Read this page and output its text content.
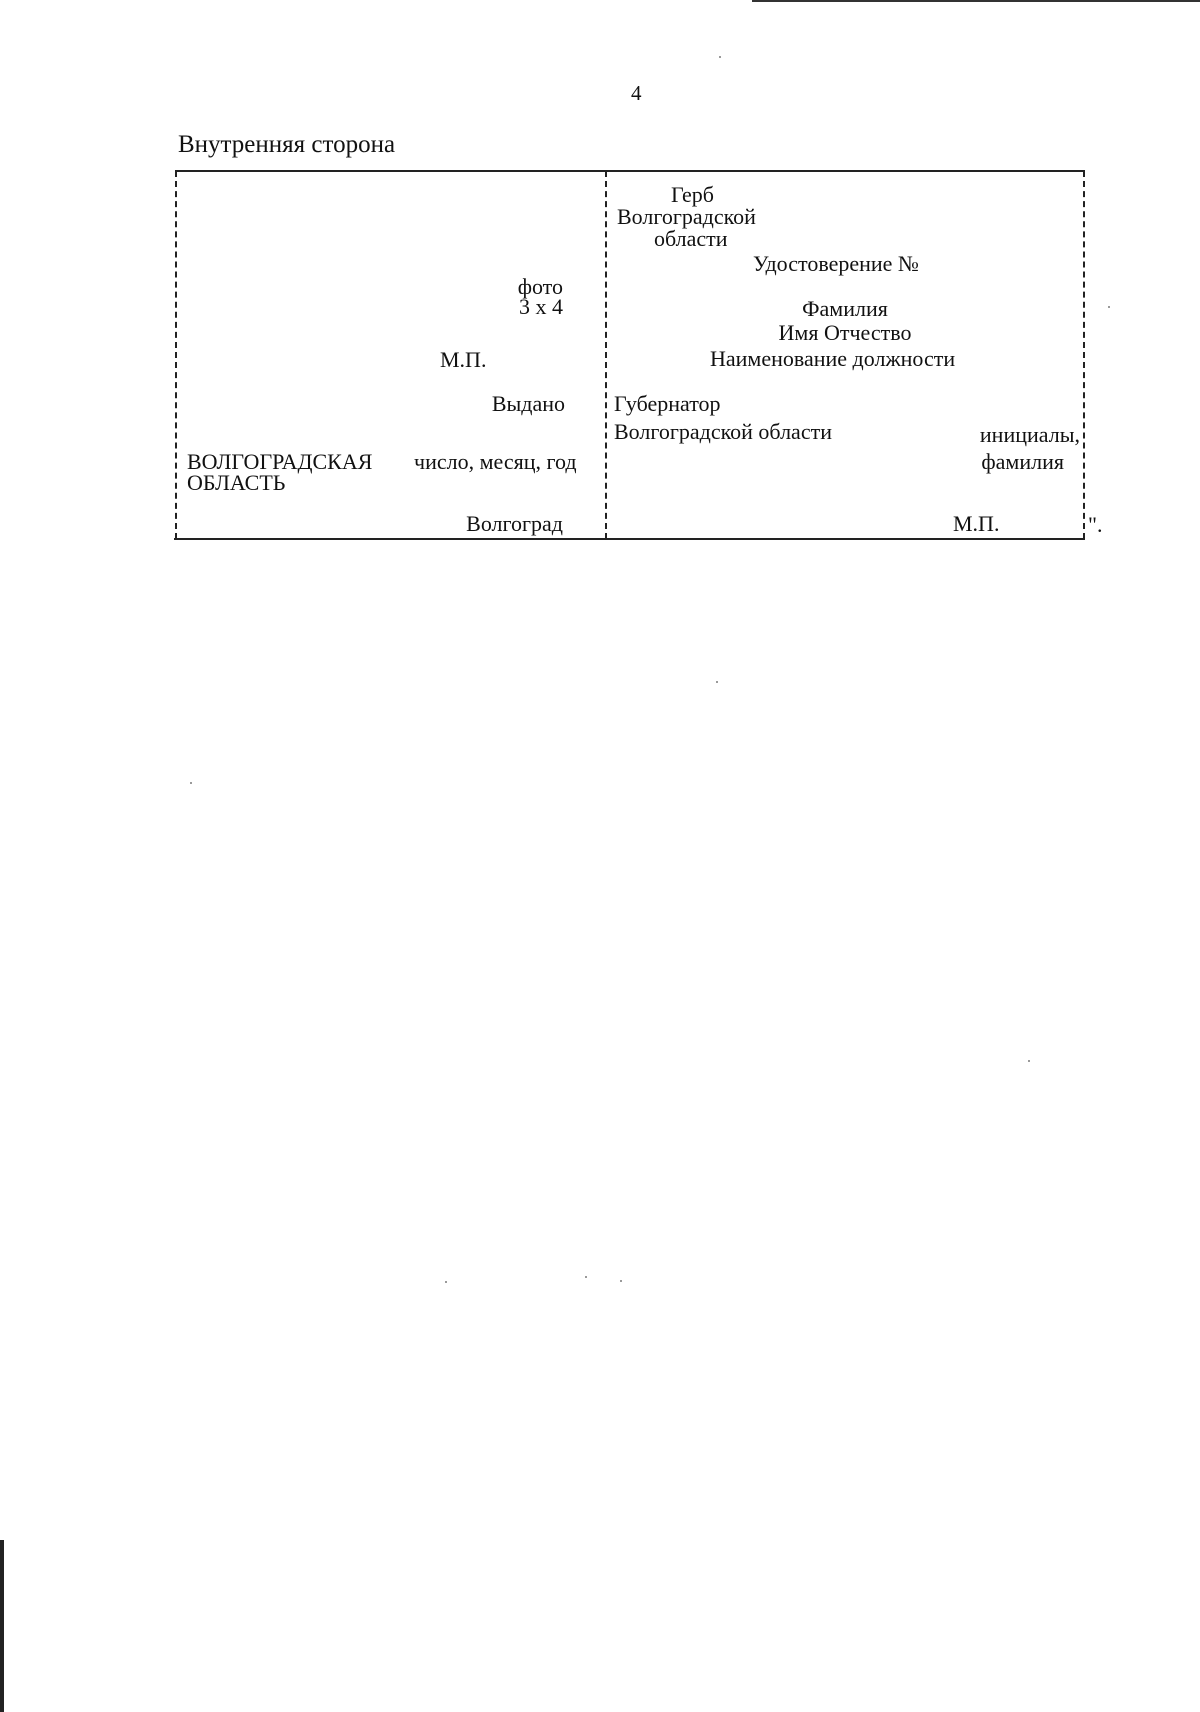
4

Внутренняя сторона

фото

3 х 4

М.П.

Выдано

ВОЛГОГРАДСКАЯ

ОБЛАСТЬ

число, месяц, год

Волгоград

Герб

Волгоградской

области

Удостоверение №

Фамилия

Имя Отчество

Наименование должности

Губернатор

Волгоградской области	инициалы,

фамилия

М.П.	".
